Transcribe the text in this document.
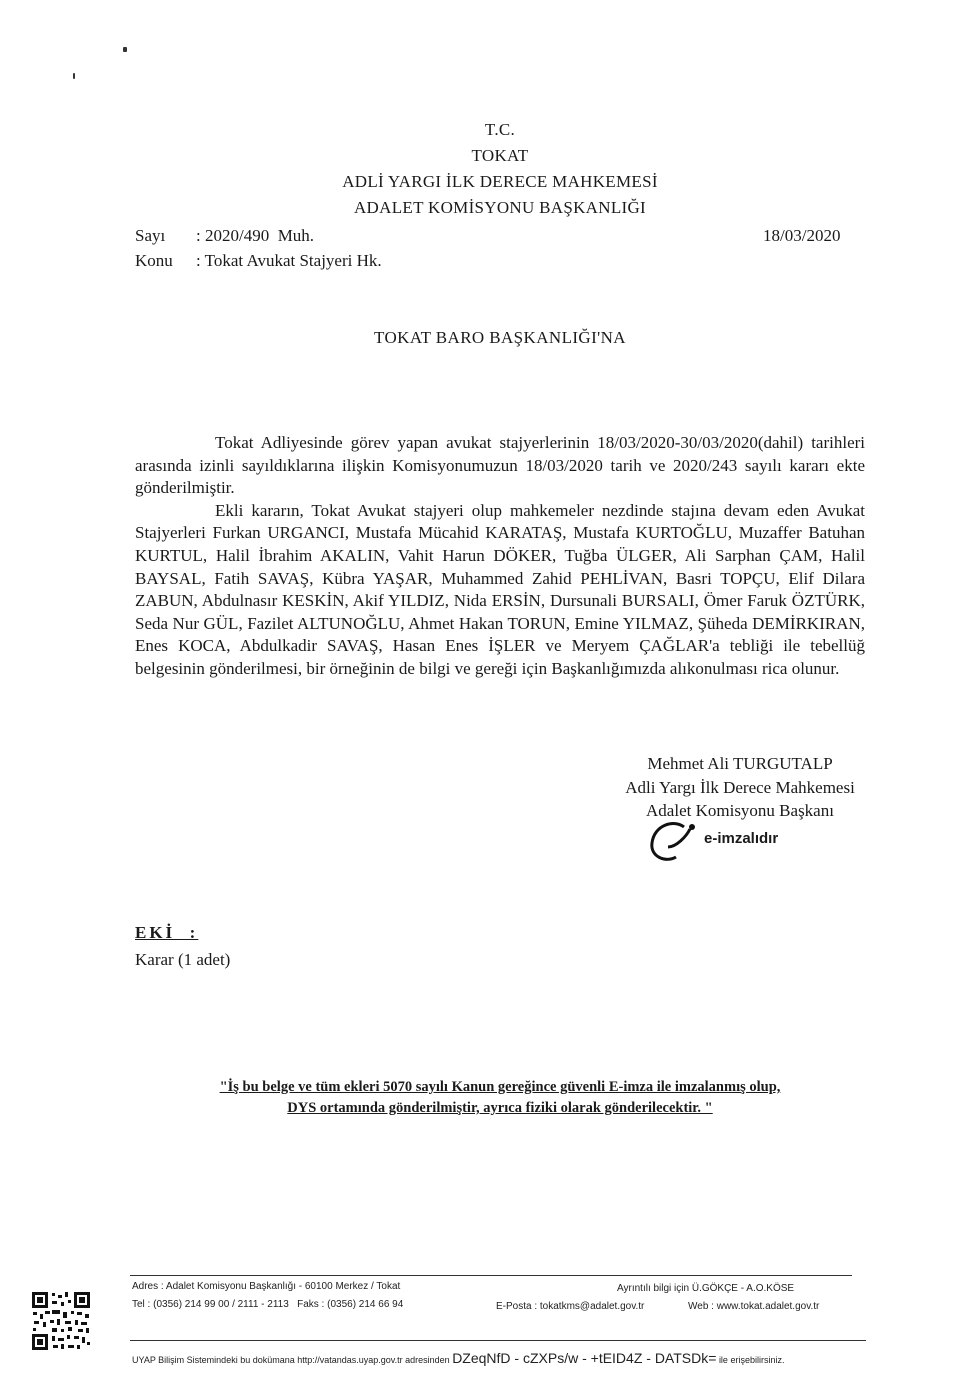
T.C.
TOKAT
ADLİ YARGI İLK DERECE MAHKEMESİ
ADALET KOMİSYONU BAŞKANLIĞI
Sayı : 2020/490  Muh.	18/03/2020
Konu : Tokat Avukat Stajyeri Hk.
TOKAT BARO BAŞKANLIĞI'NA

Tokat Adliyesinde görev yapan avukat stajyerlerinin 18/03/2020-30/03/2020(dahil) tarihleri arasında izinli sayıldıklarına ilişkin Komisyonumuzun 18/03/2020 tarih ve 2020/243 sayılı kararı ekte gönderilmiştir.

Ekli kararın, Tokat Avukat stajyeri olup mahkemeler nezdinde stajına devam eden Avukat Stajyerleri Furkan URGANCI, Mustafa Mücahid KARATAŞ, Mustafa KURTOĞLU, Muzaffer Batuhan KURTUL, Halil İbrahim AKALIN, Vahit Harun DÖKER, Tuğba ÜLGER, Ali Sarphan ÇAM, Halil BAYSAL, Fatih SAVAŞ, Kübra YAŞAR, Muhammed Zahid PEHLİVAN, Basri TOPÇU, Elif Dilara ZABUN, Abdulnasır KESKİN, Akif YILDIZ, Nida ERSİN, Dursunali BURSALI, Ömer Faruk ÖZTÜRK, Seda Nur GÜL, Fazilet ALTUNOĞLU, Ahmet Hakan TORUN, Emine YILMAZ, Şüheda DEMİRKIRAN, Enes KOCA, Abdulkadir SAVAŞ, Hasan Enes İŞLER ve Meryem ÇAĞLAR'a tebliği ile tebellüğ belgesinin gönderilmesi, bir örneğinin de bilgi ve gereği için Başkanlığımızda alıkonulması rica olunur.

Mehmet Ali TURGUTALP
Adli Yargı İlk Derece Mahkemesi
Adalet Komisyonu Başkanı
e-imzalıdır
EKİ  :
Karar (1 adet)
"İş bu belge ve tüm ekleri 5070 sayılı Kanun gereğince güvenli E-imza ile imzalanmış olup,
DYS ortamında gönderilmiştir, ayrıca fiziki olarak gönderilecektir. "
Adres : Adalet Komisyonu Başkanlığı - 60100 Merkez / Tokat	Ayrıntılı bilgi için Ü.GÖKÇE - A.O.KÖSE
Tel : (0356) 214 99 00 / 2111 - 2113   Faks : (0356) 214 66 94	E-Posta : tokatkms@adalet.gov.tr	Web : www.tokat.adalet.gov.tr
UYAP Bilişim Sistemindeki bu dokümana http://vatandas.uyap.gov.tr adresinden DZeqNfD - cZXPs/w - +tEID4Z - DATSDk= ile erişebilirsiniz.
